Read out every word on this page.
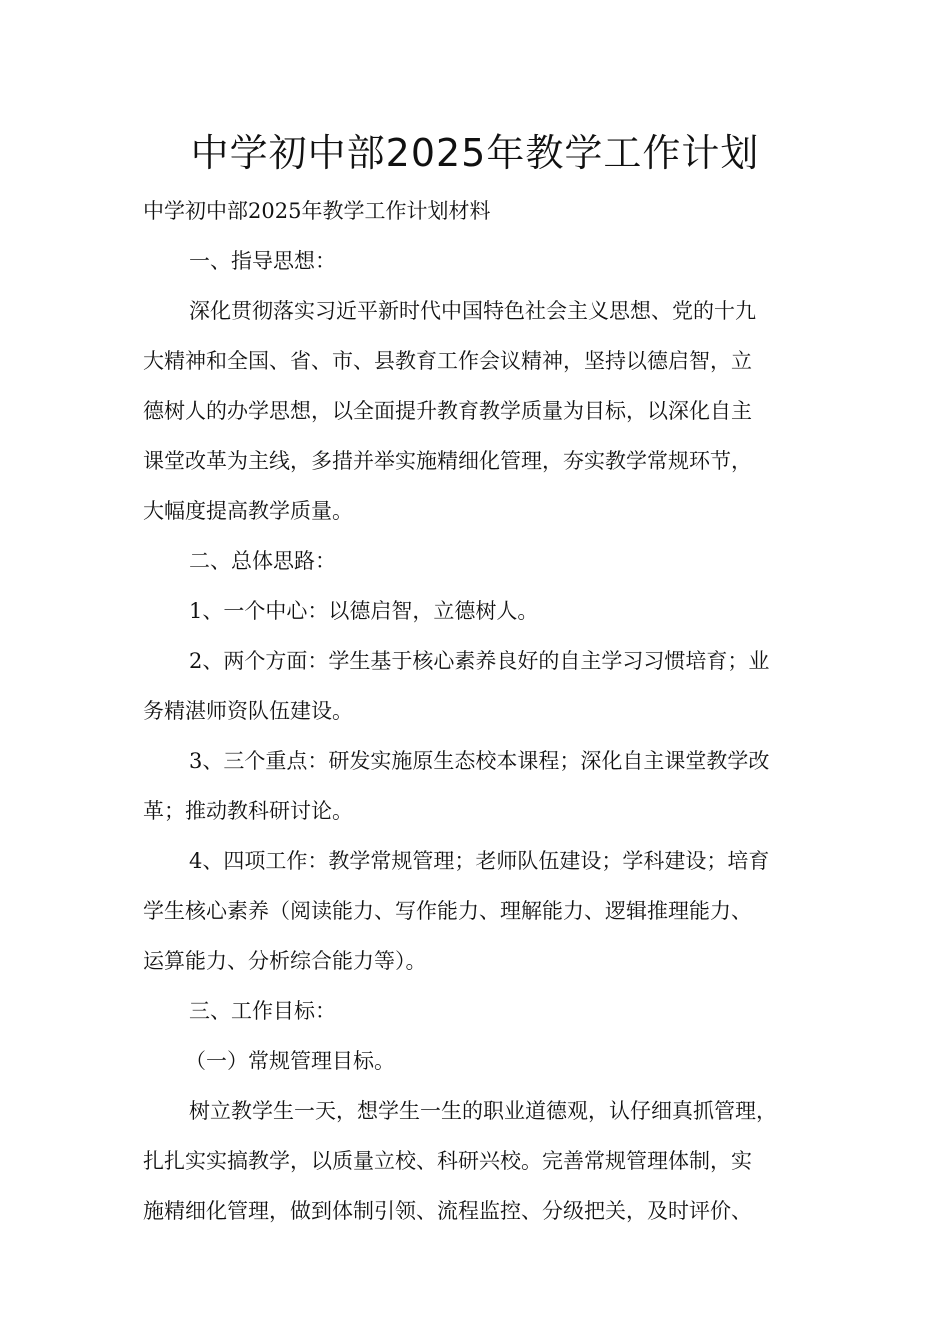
中学初中部2025年教学工作计划
中学初中部2025年教学工作计划材料
一、指导思想：
深化贯彻落实习近平新时代中国特色社会主义思想、党的十九
大精神和全国、省、市、县教育工作会议精神，坚持以德启智，立
德树人的办学思想，以全面提升教育教学质量为目标，以深化自主
课堂改革为主线，多措并举实施精细化管理，夯实教学常规环节，
大幅度提高教学质量。
二、总体思路：
1、一个中心：以德启智，立德树人。
2、两个方面：学生基于核心素养良好的自主学习习惯培育；业
务精湛师资队伍建设。
3、三个重点：研发实施原生态校本课程；深化自主课堂教学改
革；推动教科研讨论。
4、四项工作：教学常规管理；老师队伍建设；学科建设；培育
学生核心素养（阅读能力、写作能力、理解能力、逻辑推理能力、
运算能力、分析综合能力等）。
三、工作目标：
（一）常规管理目标。
树立教学生一天，想学生一生的职业道德观，认仔细真抓管理，
扎扎实实搞教学，以质量立校、科研兴校。完善常规管理体制，实
施精细化管理，做到体制引领、流程监控、分级把关，及时评价、
